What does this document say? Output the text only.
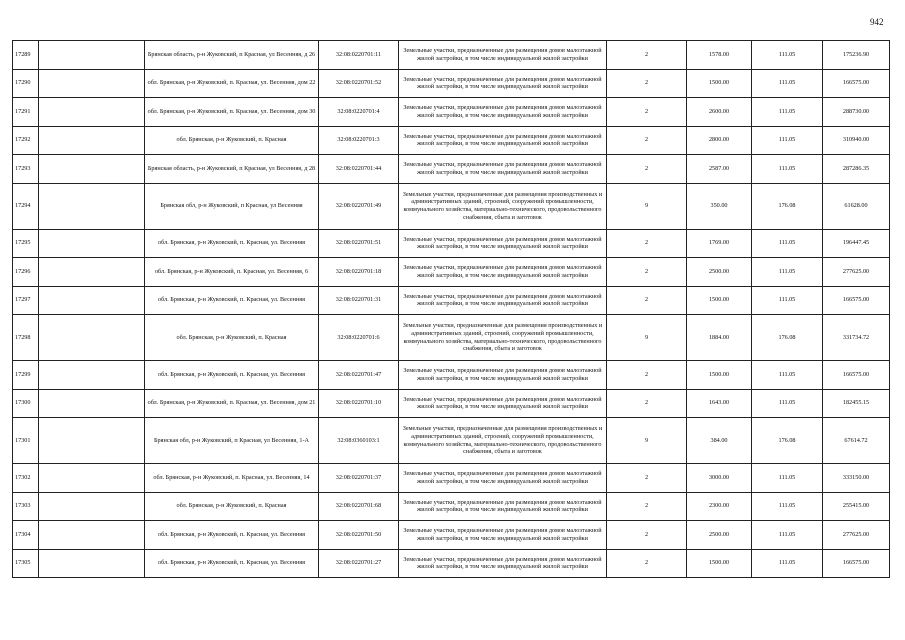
942
17289		Брянская область, р-н Жуковский, п Красная, ул Весенняя, д 26	32:08:0220701:11	Земельные участки, предназначенные для размещения домов малоэтажной жилой застройки, в том числе индивидуальной жилой застройки	2	1578.00	111.05	175236.90
17290		обл. Брянская, р-н Жуковский, п. Красная, ул. Весенняя, дом 22	32:08:0220701:52	Земельные участки, предназначенные для размещения домов малоэтажной жилой застройки, в том числе индивидуальной жилой застройки	2	1500.00	111.05	166575.00
17291		обл. Брянская, р-н Жуковский, п. Красная, ул. Весенняя, дом 30	32:08:0220701:4	Земельные участки, предназначенные для размещения домов малоэтажной жилой застройки, в том числе индивидуальной жилой застройки	2	2600.00	111.05	288730.00
17292		обл. Брянская, р-н Жуковский, п. Красная	32:08:0220701:3	Земельные участки, предназначенные для размещения домов малоэтажной жилой застройки, в том числе индивидуальной жилой застройки	2	2800.00	111.05	310940.00
17293		Брянская область, р-н Жуковский, п Красная, ул Весенняя, д 28	32:08:0220701:44	Земельные участки, предназначенные для размещения домов малоэтажной жилой застройки, в том числе индивидуальной жилой застройки	2	2587.00	111.05	287286.35
17294		Брянская обл, р-н Жуковский, п Красная, ул Весенняя	32:08:0220701:49	Земельные участки, предназначенные для размещения производственных и административных зданий, строений, сооружений промышленности, коммунального хозяйства, материально-технического, продовольственного снабжения, сбыта и заготовок	9	350.00	176.08	61628.00
17295		обл. Брянская, р-н Жуковский, п. Красная, ул. Весенняя	32:08:0220701:51	Земельные участки, предназначенные для размещения домов малоэтажной жилой застройки, в том числе индивидуальной жилой застройки	2	1769.00	111.05	196447.45
17296		обл. Брянская, р-н Жуковский, п. Красная, ул. Весенняя, 6	32:08:0220701:18	Земельные участки, предназначенные для размещения домов малоэтажной жилой застройки, в том числе индивидуальной жилой застройки	2	2500.00	111.05	277625.00
17297		обл. Брянская, р-н Жуковский, п. Красная, ул. Весенняя	32:08:0220701:31	Земельные участки, предназначенные для размещения домов малоэтажной жилой застройки, в том числе индивидуальной жилой застройки	2	1500.00	111.05	166575.00
17298		обл. Брянская, р-н Жуковский, п. Красная	32:08:0220701:6	Земельные участки, предназначенные для размещения производственных и административных зданий, строений, сооружений промышленности, коммунального хозяйства, материально-технического, продовольственного снабжения, сбыта и заготовок	9	1884.00	176.08	331734.72
17299		обл. Брянская, р-н Жуковский, п. Красная, ул. Весенняя	32:08:0220701:47	Земельные участки, предназначенные для размещения домов малоэтажной жилой застройки, в том числе индивидуальной жилой застройки	2	1500.00	111.05	166575.00
17300		обл. Брянская, р-н Жуковский, п. Красная, ул. Весенняя, дом 21	32:08:0220701:10	Земельные участки, предназначенные для размещения домов малоэтажной жилой застройки, в том числе индивидуальной жилой застройки	2	1643.00	111.05	182455.15
17301		Брянская обл, р-н Жуковский, п Красная, ул Весенняя, 1-А	32:08:0360103:1	Земельные участки, предназначенные для размещения производственных и административных зданий, строений, сооружений промышленности, коммунального хозяйства, материально-технического, продовольственного снабжения, сбыта и заготовок	9	384.00	176.08	67614.72
17302		обл. Брянская, р-н Жуковский, п. Красная, ул. Весенняя, 14	32:08:0220701:37	Земельные участки, предназначенные для размещения домов малоэтажной жилой застройки, в том числе индивидуальной жилой застройки	2	3000.00	111.05	333150.00
17303		обл. Брянская, р-н Жуковский, п. Красная	32:08:0220701:68	Земельные участки, предназначенные для размещения домов малоэтажной жилой застройки, в том числе индивидуальной жилой застройки	2	2300.00	111.05	255415.00
17304		обл. Брянская, р-н Жуковский, п. Красная, ул. Весенняя	32:08:0220701:50	Земельные участки, предназначенные для размещения домов малоэтажной жилой застройки, в том числе индивидуальной жилой застройки	2	2500.00	111.05	277625.00
17305		обл. Брянская, р-н Жуковский, п. Красная, ул. Весенняя	32:08:0220701:27	Земельные участки, предназначенные для размещения домов малоэтажной жилой застройки, в том числе индивидуальной жилой застройки	2	1500.00	111.05	166575.00
